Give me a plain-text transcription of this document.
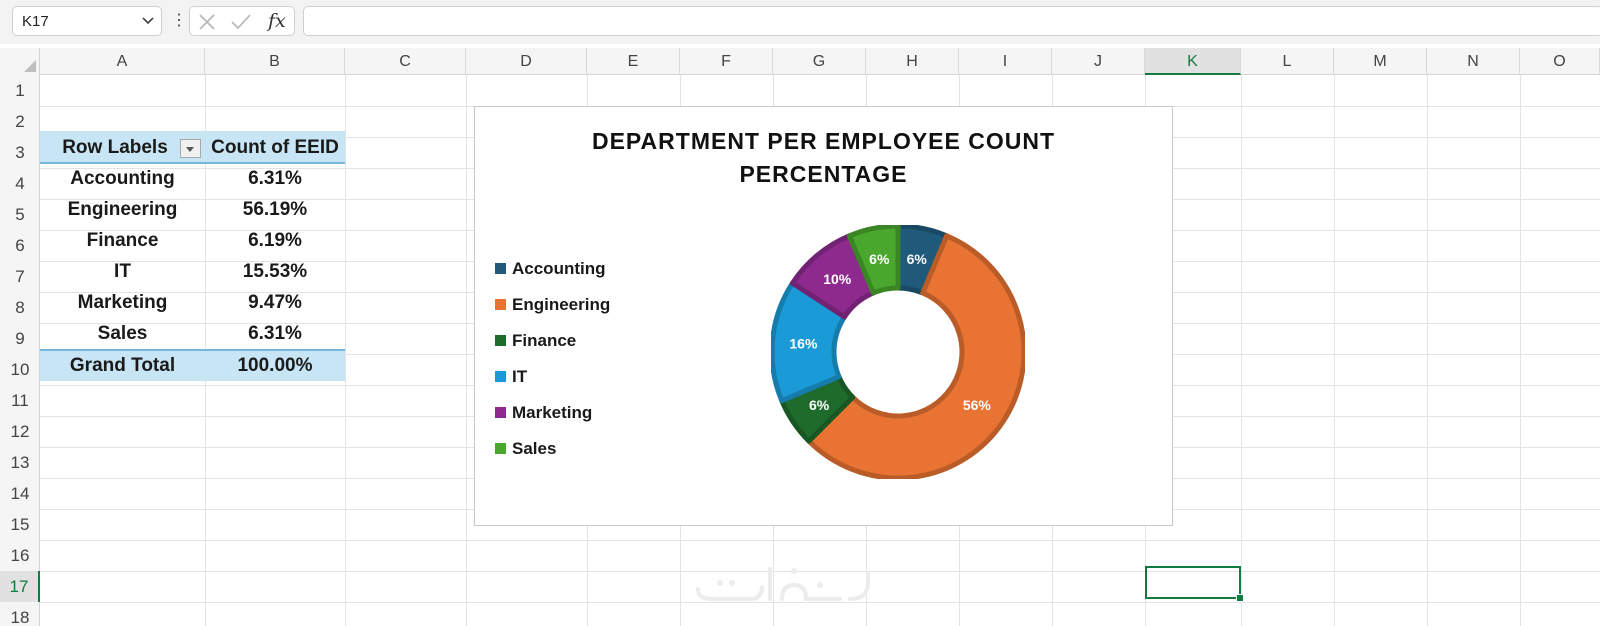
K17	⋮	fx
A	B	C	D	E	F	G	H	I	J	K	L	M	N	O
1
2
3
4
5
6
7
8
9
10
11
12
13
14
15
16
17
18
Row Labels	Count of EEID
Accounting	6.31%
Engineering	56.19%
Finance	6.19%
IT	15.53%
Marketing	9.47%
Sales	6.31%
Grand Total	100.00%
DEPARTMENT PER EMPLOYEE COUNT
PERCENTAGE
Accounting
Engineering
Finance
IT
Marketing
Sales
6%
56%
6%
16%
10%
6%
